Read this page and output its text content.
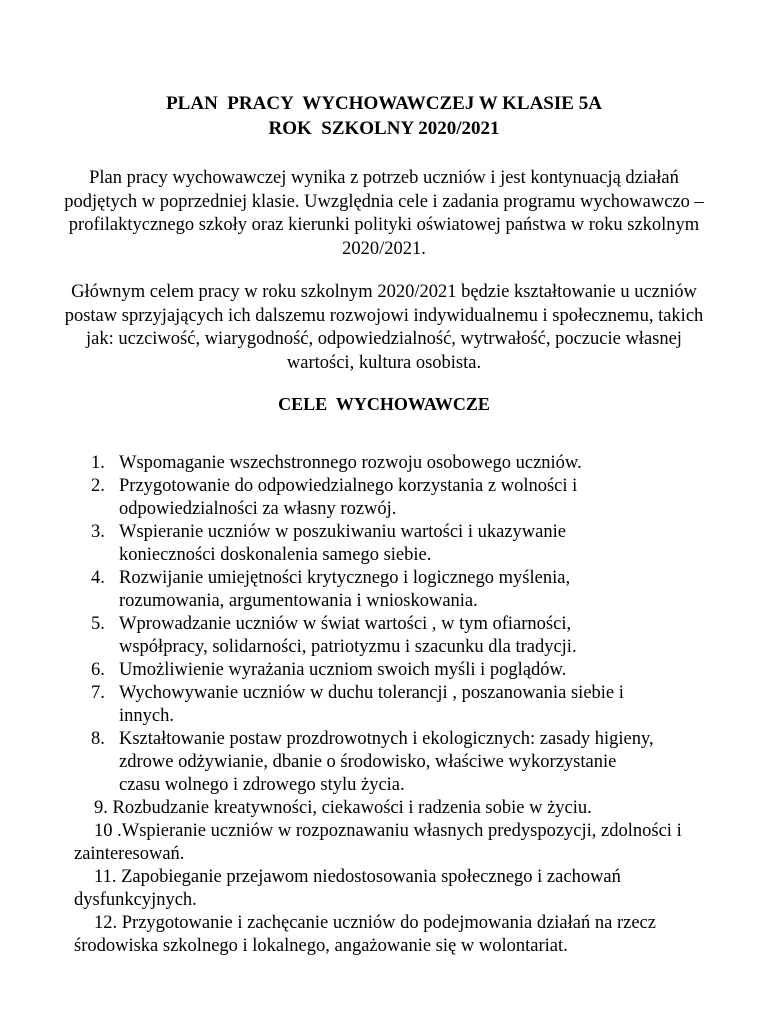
PLAN  PRACY  WYCHOWAWCZEJ W KLASIE 5A
ROK  SZKOLNY 2020/2021

Plan pracy wychowawczej wynika z potrzeb uczniów i jest kontynuacją działań podjętych w poprzedniej klasie. Uwzględnia cele i zadania programu wychowawczo – profilaktycznego szkoły oraz kierunki polityki oświatowej państwa w roku szkolnym 2020/2021.

Głównym celem pracy w roku szkolnym 2020/2021 będzie kształtowanie u uczniów postaw sprzyjających ich dalszemu rozwojowi indywidualnemu i społecznemu, takich jak: uczciwość, wiarygodność, odpowiedzialność, wytrwałość, poczucie własnej wartości, kultura osobista.

CELE  WYCHOWAWCZE
1. Wspomaganie wszechstronnego rozwoju osobowego uczniów.
2. Przygotowanie do odpowiedzialnego korzystania z wolności i odpowiedzialności za własny rozwój.
3. Wspieranie uczniów w poszukiwaniu wartości i ukazywanie konieczności doskonalenia samego siebie.
4. Rozwijanie umiejętności krytycznego i logicznego myślenia, rozumowania, argumentowania i wnioskowania.
5. Wprowadzanie uczniów w świat wartości , w tym ofiarności, współpracy, solidarności, patriotyzmu i szacunku dla tradycji.
6. Umożliwienie wyrażania uczniom swoich myśli i poglądów.
7. Wychowywanie uczniów w duchu tolerancji , poszanowania siebie i innych.
8. Kształtowanie postaw prozdrowotnych i ekologicznych: zasady higieny, zdrowe odżywianie, dbanie o środowisko, właściwe wykorzystanie czasu wolnego i zdrowego stylu życia.
9. Rozbudzanie kreatywności, ciekawości i radzenia sobie w życiu.
10 .Wspieranie uczniów w rozpoznawaniu własnych predyspozycji, zdolności i zainteresowań.
11. Zapobieganie przejawom niedostosowania społecznego i zachowań dysfunkcyjnych.
12. Przygotowanie i zachęcanie uczniów do podejmowania działań na rzecz środowiska szkolnego i lokalnego, angażowanie się w wolontariat.
